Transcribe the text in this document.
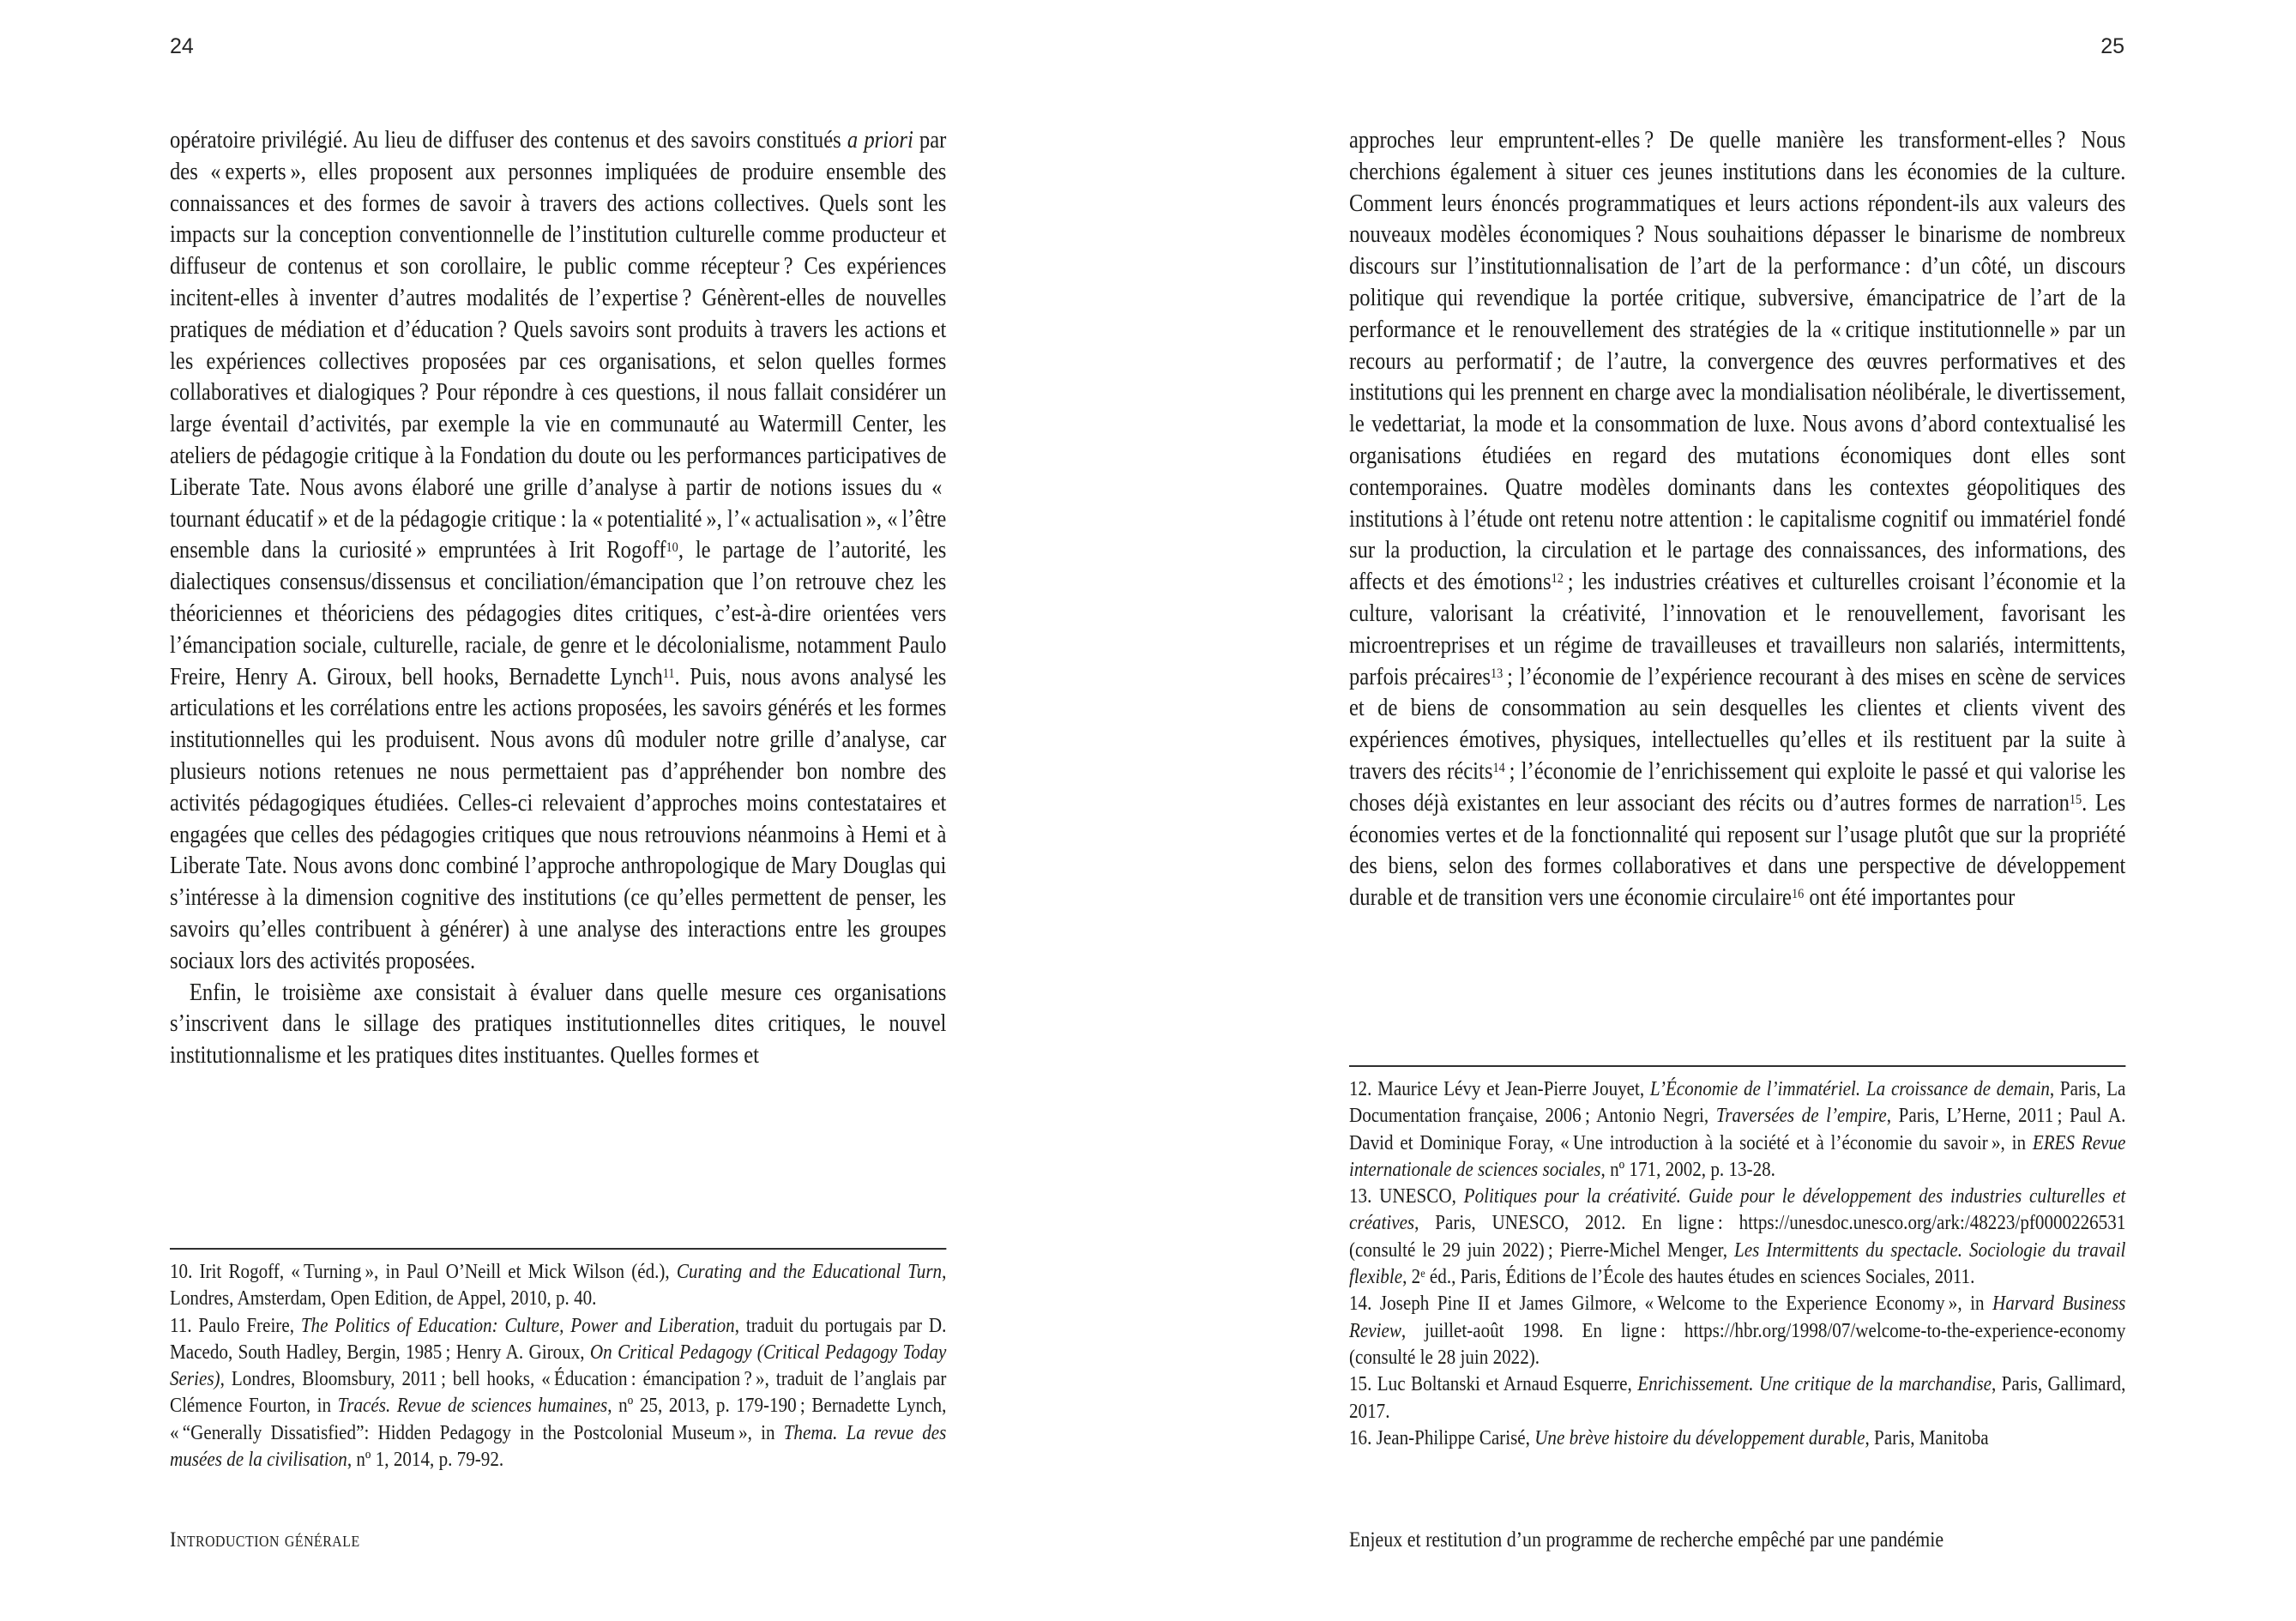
24

opératoire privilégié. Au lieu de diffuser des contenus et des savoirs constitués a priori par des « experts », elles proposent aux personnes impliquées de produire ensemble des connaissances et des formes de savoir à travers des actions collectives. Quels sont les impacts sur la conception conventionnelle de l’institution culturelle comme producteur et diffuseur de contenus et son corollaire, le public comme récepteur ? Ces expériences incitent-elles à inventer d’autres modalités de l’expertise ? Génèrent-elles de nouvelles pratiques de médiation et d’éducation ? Quels savoirs sont produits à travers les actions et les expériences collectives proposées par ces organisations, et selon quelles formes collaboratives et dialogiques ? Pour répondre à ces questions, il nous fallait considérer un large éventail d’activités, par exemple la vie en communauté au Watermill Center, les ateliers de pédagogie critique à la Fondation du doute ou les performances participatives de Liberate Tate. Nous avons élaboré une grille d’analyse à partir de notions issues du « tournant éducatif » et de la pédagogie critique : la « potentialité », l’« actualisation », « l’être ensemble dans la curiosité » empruntées à Irit Rogoff$^{10}$, le partage de l’autorité, les dialectiques consensus/dissensus et conciliation/émancipation que l’on retrouve chez les théoriciennes et théoriciens des pédagogies dites critiques, c’est-à-dire orientées vers l’émancipation sociale, culturelle, raciale, de genre et le décolonialisme, notamment Paulo Freire, Henry A. Giroux, bell hooks, Bernadette Lynch$^{11}$. Puis, nous avons analysé les articulations et les corrélations entre les actions proposées, les savoirs générés et les formes institutionnelles qui les produisent. Nous avons dû moduler notre grille d’analyse, car plusieurs notions retenues ne nous permettaient pas d’appréhender bon nombre des activités pédagogiques étudiées. Celles-ci relevaient d’approches moins contestataires et engagées que celles des pédagogies critiques que nous retrouvions néanmoins à Hemi et à Liberate Tate. Nous avons donc combiné l’approche anthropologique de Mary Douglas qui s’intéresse à la dimension cognitive des institutions (ce qu’elles permettent de penser, les savoirs qu’elles contribuent à générer) à une analyse des interactions entre les groupes sociaux lors des activités proposées.

Enfin, le troisième axe consistait à évaluer dans quelle mesure ces organisations s’inscrivent dans le sillage des pratiques institutionnelles dites critiques, le nouvel institutionnalisme et les pratiques dites instituantes. Quelles formes et

10. Irit Rogoff, « Turning », in Paul O’Neill et Mick Wilson (éd.), Curating and the Educational Turn, Londres, Amsterdam, Open Edition, de Appel, 2010, p. 40.

11. Paulo Freire, The Politics of Education: Culture, Power and Liberation, traduit du portugais par D. Macedo, South Hadley, Bergin, 1985 ; Henry A. Giroux, On Critical Pedagogy (Critical Pedagogy Today Series), Londres, Bloomsbury, 2011 ; bell hooks, « Éducation : émancipation ? », traduit de l’anglais par Clémence Fourton, in Tracés. Revue de sciences humaines, nº 25, 2013, p. 179-190 ; Bernadette Lynch, « “Generally Dissatisfied”: Hidden Pedagogy in the Postcolonial Museum », in Thema. La revue des musées de la civilisation, nº 1, 2014, p. 79-92.

Introduction générale
25

approches leur empruntent-elles ? De quelle manière les transforment-elles ? Nous cherchions également à situer ces jeunes institutions dans les économies de la culture. Comment leurs énoncés programmatiques et leurs actions répondent-ils aux valeurs des nouveaux modèles économiques ? Nous souhaitions dépasser le binarisme de nombreux discours sur l’institutionnalisation de l’art de la performance : d’un côté, un discours politique qui revendique la portée critique, subversive, émancipatrice de l’art de la performance et le renouvellement des stratégies de la « critique institutionnelle » par un recours au performatif ; de l’autre, la convergence des œuvres performatives et des institutions qui les prennent en charge avec la mondialisation néolibérale, le divertissement, le vedettariat, la mode et la consommation de luxe. Nous avons d’abord contextualisé les organisations étudiées en regard des mutations économiques dont elles sont contemporaines. Quatre modèles dominants dans les contextes géopolitiques des institutions à l’étude ont retenu notre attention : le capitalisme cognitif ou immatériel fondé sur la production, la circulation et le partage des connaissances, des informations, des affects et des émotions$^{12}$ ; les industries créatives et culturelles croisant l’économie et la culture, valorisant la créativité, l’innovation et le renouvellement, favorisant les microentreprises et un régime de travailleuses et travailleurs non salariés, intermittents, parfois précaires$^{13}$ ; l’économie de l’expérience recourant à des mises en scène de services et de biens de consommation au sein desquelles les clientes et clients vivent des expériences émotives, physiques, intellectuelles qu’elles et ils restituent par la suite à travers des récits$^{14}$ ; l’économie de l’enrichissement qui exploite le passé et qui valorise les choses déjà existantes en leur associant des récits ou d’autres formes de narration$^{15}$. Les économies vertes et de la fonctionnalité qui reposent sur l’usage plutôt que sur la propriété des biens, selon des formes collaboratives et dans une perspective de développement durable et de transition vers une économie circulaire$^{16}$ ont été importantes pour

12. Maurice Lévy et Jean-Pierre Jouyet, L’Économie de l’immatériel. La croissance de demain, Paris, La Documentation française, 2006 ; Antonio Negri, Traversées de l’empire, Paris, L’Herne, 2011 ; Paul A. David et Dominique Foray, « Une introduction à la société et à l’économie du savoir », in ERES Revue internationale de sciences sociales, nº 171, 2002, p. 13-28.

13. UNESCO, Politiques pour la créativité. Guide pour le développement des industries culturelles et créatives, Paris, UNESCO, 2012. En ligne : https://unesdoc.unesco.org/ark:/48223/pf0000226531 (consulté le 29 juin 2022) ; Pierre-Michel Menger, Les Intermittents du spectacle. Sociologie du travail flexible, 2e éd., Paris, Éditions de l’École des hautes études en sciences Sociales, 2011.

14. Joseph Pine II et James Gilmore, « Welcome to the Experience Economy », in Harvard Business Review, juillet-août 1998. En ligne : https://hbr.org/1998/07/welcome-to-the-experience-economy (consulté le 28 juin 2022).

15. Luc Boltanski et Arnaud Esquerre, Enrichissement. Une critique de la marchandise, Paris, Gallimard, 2017.

16. Jean-Philippe Carisé, Une brève histoire du développement durable, Paris, Manitoba

Enjeux et restitution d’un programme de recherche empêché par une pandémie
